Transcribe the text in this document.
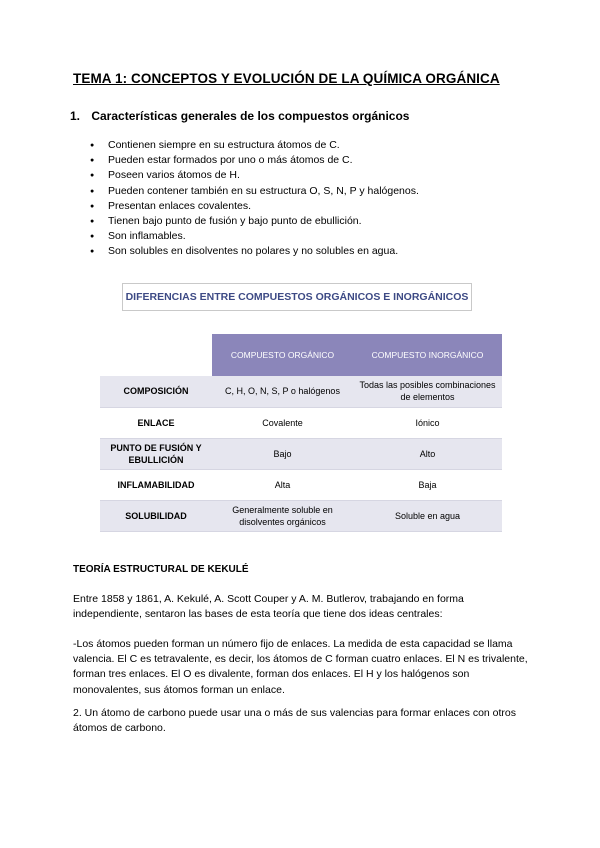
TEMA 1: CONCEPTOS Y EVOLUCIÓN DE LA QUÍMICA ORGÁNICA
1. Características generales de los compuestos orgánicos
● Contienen siempre en su estructura átomos de C.
● Pueden estar formados por uno o más átomos de C.
● Poseen varios átomos de H.
● Pueden contener también en su estructura O, S, N, P y halógenos.
● Presentan enlaces covalentes.
● Tienen bajo punto de fusión y bajo punto de ebullición.
● Son inflamables.
● Son solubles en disolventes no polares y no solubles en agua.
DIFERENCIAS ENTRE COMPUESTOS ORGÁNICOS E INORGÁNICOS
	COMPUESTO ORGÁNICO	COMPUESTO INORGÁNICO
COMPOSICIÓN	C, H, O, N, S, P o halógenos	Todas las posibles combinaciones de elementos
ENLACE	Covalente	Iónico
PUNTO DE FUSIÓN Y EBULLICIÓN	Bajo	Alto
INFLAMABILIDAD	Alta	Baja
SOLUBILIDAD	Generalmente soluble en disolventes orgánicos	Soluble en agua
TEORÍA ESTRUCTURAL DE KEKULÉ

Entre 1858 y 1861, A. Kekulé, A. Scott Couper y A. M. Butlerov, trabajando en forma independiente, sentaron las bases de esta teoría que tiene dos ideas centrales:

-Los átomos pueden forman un número fijo de enlaces. La medida de esta capacidad se llama valencia. El C es tetravalente, es decir, los átomos de C forman cuatro enlaces. El N es trivalente, forman tres enlaces. El O es divalente, forman dos enlaces. El H y los halógenos son monovalentes, sus átomos forman un enlace.

2. Un átomo de carbono puede usar una o más de sus valencias para formar enlaces con otros átomos de carbono.
